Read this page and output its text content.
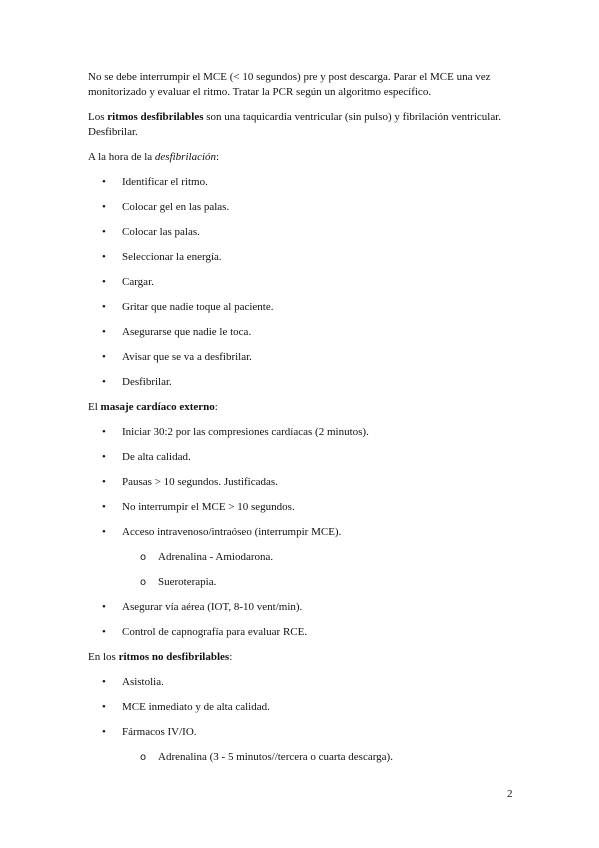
No se debe interrumpir el MCE (< 10 segundos) pre y post descarga. Parar el MCE una vez monitorizado y evaluar el ritmo. Tratar la PCR según un algoritmo específico.

Los ritmos desfibrilables son una taquicardia ventricular (sin pulso) y fibrilación ventricular. Desfibrilar.

A la hora de la desfibrilación:

• Identificar el ritmo.
• Colocar gel en las palas.
• Colocar las palas.
• Seleccionar la energía.
• Cargar.
• Gritar que nadie toque al paciente.
• Asegurarse que nadie le toca.
• Avisar que se va a desfibrilar.
• Desfibrilar.

El masaje cardíaco externo:

• Iniciar 30:2 por las compresiones cardíacas (2 minutos).
• De alta calidad.
• Pausas > 10 segundos. Justificadas.
• No interrumpir el MCE > 10 segundos.
• Acceso intravenoso/intraóseo (interrumpir MCE).
o Adrenalina - Amiodarona.
o Sueroterapia.
• Asegurar vía aérea (IOT, 8-10 vent/min).
• Control de capnografía para evaluar RCE.

En los ritmos no desfibrilables:

• Asistolia.
• MCE inmediato y de alta calidad.
• Fármacos IV/IO.
o Adrenalina (3 - 5 minutos//tercera o cuarta descarga).
2
